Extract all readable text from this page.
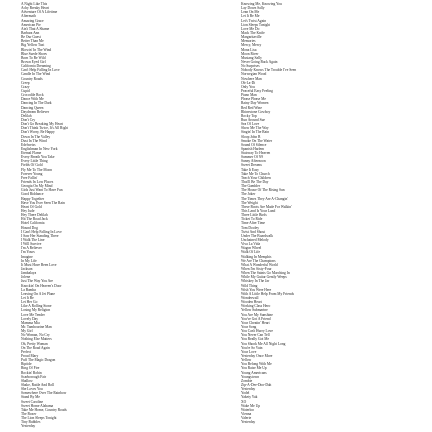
A Night Like This
Achy Breaky Heart
Adventure Of A Lifetime
Aftermath
Amazing Grace
American Pie
Ain't That A Shame
Barbara Ann
Be Our Guest
Better Than Me
Big Yellow Taxi
Blowin' In The Wind
Blue Suede Shoes
Born To Be Wild
Brown Eyed Girl
California Dreaming
Can't Help Falling In Love
Candle In The Wind
Country Roads
Creep
Crazy
Cupid
Crocodile Rock
Dance With Me
Dancing In The Dark
Dancing Queen
Daydream Believer
Delilah
Don't Cry
Don't Go Breaking My Heart
Don't Think Twice, It's All Right
Don't Worry, Be Happy
Down In The Valley
Dust In The Wind
Edelweiss
Englishman In New York
Eternal Flame
Every Breath You Take
Every Little Thing
Fields Of Gold
Fly Me To The Moon
Forever Young
Free Fallin'
Friends In Low Places
Georgia On My Mind
Girls Just Want To Have Fun
Good Riddance
Happy Together
Have You Ever Seen The Rain
Heart Of Gold
Hey Jude
Hey There Delilah
Hit The Road Jack
Hotel California
Hound Dog
I Can't Help Falling In Love
I Saw Her Standing There
I Walk The Line
I Will Survive
I'm A Believer
I'm Yours
Imagine
In My Life
It Must Have Been Love
Jackson
Jambalaya
Jolene
Just The Way You Are
Knockin' On Heaven's Door
La Bamba
Leaving On A Jet Plane
Let It Be
Let Her Go
Like A Rolling Stone
Losing My Religion
Love Me Tender
Lovely Day
Mamma Mia
Mr. Tambourine Man
My Girl
No Woman, No Cry
Nothing Else Matters
Oh, Pretty Woman
On The Road Again
Perfect
Proud Mary
Puff The Magic Dragon
Riptide
Ring Of Fire
Rockin' Robin
Scarborough Fair
Shallow
Shake, Rattle And Roll
She Loves You
Somewhere Over The Rainbow
Stand By Me
Sweet Caroline
Sweet Home Alabama
Take Me Home, Country Roads
The Boxer
The Lion Sleeps Tonight
Tiny Bubbles
Yesterday
Knowing Me, Knowing You
Lay Down Sally
Lean On Me
Let It Be Me
Let's Twist Again
Lion Sleeps Tonight
Love Me Do
Mack The Knife
Margaritaville
Memories
Mercy, Mercy
Mona Lisa
Moon River
Mustang Sally
Never Going Back Again
No Surprises
Nobody Knows The Trouble I've Seen
Norwegian Wood
Nowhere Man
Ob-La-Di
Only You
Peaceful Easy Feeling
Piano Man
Please Please Me
Rainy Day Women
Red Red Wine
Rhinestone Cowboy
Rocky Top
Run Around Sue
Sea Of Love
Show Me The Way
Singin' In The Rain
Sloop John B
Smoke On The Water
Sound Of Silence
Spanish Harlem
Stairway To Heaven
Summer Of '69
Sunny Afternoon
Sweet Dreams
Take It Easy
Take Me To Church
Teach Your Children
That'll Be The Day
The Gambler
The House Of The Rising Sun
The Joker
The Times They Are A-Changin'
The Weight
These Boots Are Made For Walkin'
This Land Is Your Land
Three Little Birds
Ticket To Ride
Time After Time
Tom Dooley
Twist And Shout
Under The Boardwalk
Unchained Melody
Viva La Vida
Wagon Wheel
Walk Of Life
Walking In Memphis
We Are The Champions
What A Wonderful World
When I'm Sixty-Four
When The Saints Go Marching In
While My Guitar Gently Weeps
Whiskey In The Jar
Wild Thing
Wish You Were Here
With A Little Help From My Friends
Wonderwall
Wooden Heart
Working Class Hero
Yellow Submarine
You Are My Sunshine
You've Got A Friend
Your Cheatin' Heart
Your Song
You Can't Hurry Love
You Never Can Tell
You Really Got Me
You Shook Me All Night Long
You're So Vain
Your Love
Yesterday Once More
Yellow
You Belong With Me
You Raise Me Up
Young Americans
Youngstown
Zombie
Zip-A-Dee-Doo-Dah
Yesterday
Yodel
Yakety Yak
XO
Wake Me Up
Waterloo
Vienna
Valerie
Yesterday
